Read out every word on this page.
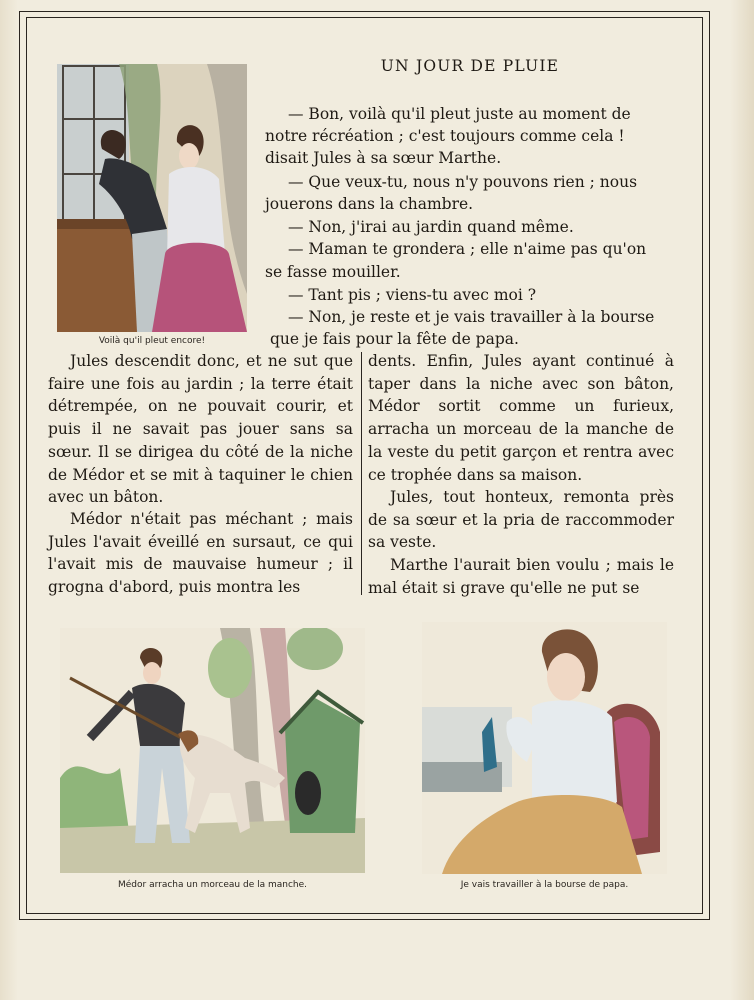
Voilà qu'il pleut encore!
UN JOUR DE PLUIE
— Bon, voilà qu'il pleut juste au moment de
notre récréation ; c'est toujours comme cela !
disait Jules à sa sœur Marthe.
— Que veux-tu, nous n'y pouvons rien ; nous
jouerons dans la chambre.
— Non, j'irai au jardin quand même.
— Maman te grondera ; elle n'aime pas qu'on
se fasse mouiller.
— Tant pis ; viens-tu avec moi ?
— Non, je reste et je vais travailler à la bourse
que je fais pour la fête de papa.

Jules descendit donc, et ne sut que faire une fois au jardin ; la terre était détrempée, on ne pouvait courir, et puis il ne savait pas jouer sans sa sœur. Il se dirigea du côté de la niche de Médor et se mit à taquiner le chien avec un bâton.

Médor n'était pas méchant ; mais Jules l'avait éveillé en sursaut, ce qui l'avait mis de mauvaise humeur ; il grogna d'abord, puis montra les

dents. Enfin, Jules ayant continué à taper dans la niche avec son bâton, Médor sortit comme un furieux, arracha un morceau de la manche de la veste du petit garçon et rentra avec ce trophée dans sa maison.

Jules, tout honteux, remonta près de sa sœur et la pria de raccommoder sa veste.

Marthe l'aurait bien voulu ; mais le mal était si grave qu'elle ne put se

Médor arracha un morceau de la manche.	Je vais travailler à la bourse de papa.
